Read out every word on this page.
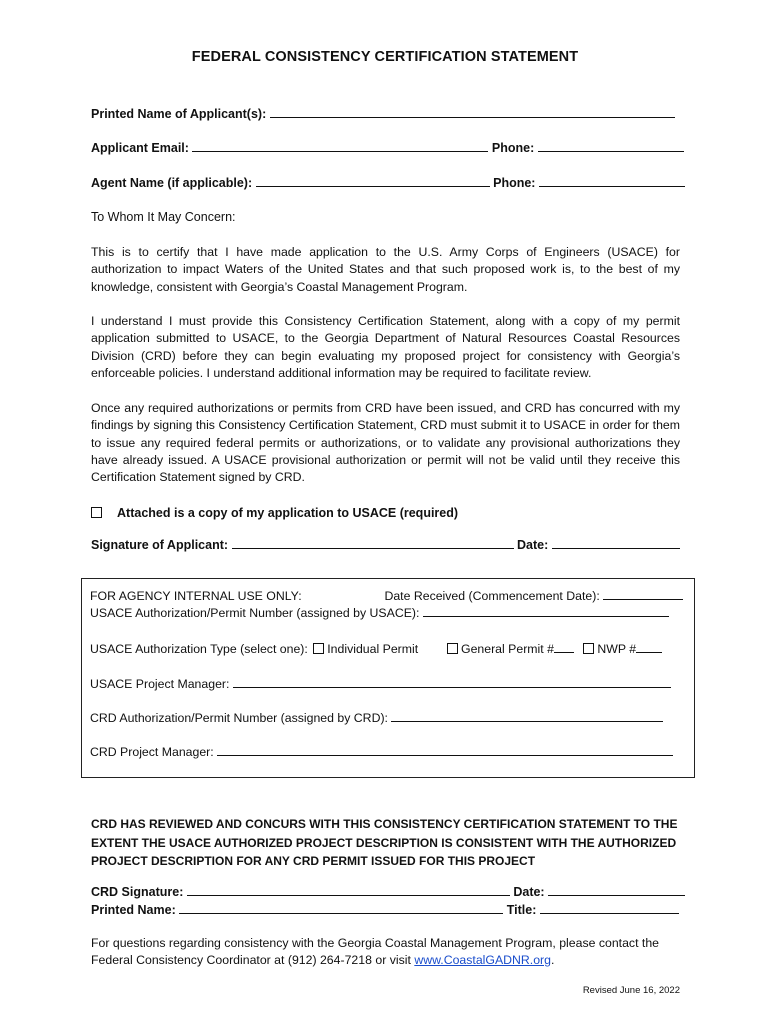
FEDERAL CONSISTENCY CERTIFICATION STATEMENT
Printed Name of Applicant(s):
Applicant Email:	Phone:
Agent Name (if applicable):	Phone:
To Whom It May Concern:
This is to certify that I have made application to the U.S. Army Corps of Engineers (USACE) for authorization to impact Waters of the United States and that such proposed work is, to the best of my knowledge, consistent with Georgia’s Coastal Management Program.
I understand I must provide this Consistency Certification Statement, along with a copy of my permit application submitted to USACE, to the Georgia Department of Natural Resources Coastal Resources Division (CRD) before they can begin evaluating my proposed project for consistency with Georgia’s enforceable policies. I understand additional information may be required to facilitate review.
Once any required authorizations or permits from CRD have been issued, and CRD has concurred with my findings by signing this Consistency Certification Statement, CRD must submit it to USACE in order for them to issue any required federal permits or authorizations, or to validate any provisional authorizations they have already issued. A USACE provisional authorization or permit will not be valid until they receive this Certification Statement signed by CRD.
Attached is a copy of my application to USACE (required)
Signature of Applicant:	Date:
FOR AGENCY INTERNAL USE ONLY:	Date Received (Commencement Date):
USACE Authorization/Permit Number (assigned by USACE):
USACE Authorization Type (select one): Individual Permit	General Permit #	NWP #
USACE Project Manager:
CRD Authorization/Permit Number (assigned by CRD):
CRD Project Manager:
CRD HAS REVIEWED AND CONCURS WITH THIS CONSISTENCY CERTIFICATION STATEMENT TO THE EXTENT THE USACE AUTHORIZED PROJECT DESCRIPTION IS CONSISTENT WITH THE AUTHORIZED PROJECT DESCRIPTION FOR ANY CRD PERMIT ISSUED FOR THIS PROJECT
CRD Signature:	Date:
Printed Name:	Title:
For questions regarding consistency with the Georgia Coastal Management Program, please contact the Federal Consistency Coordinator at (912) 264-7218 or visit www.CoastalGADNR.org.
Revised June 16, 2022
